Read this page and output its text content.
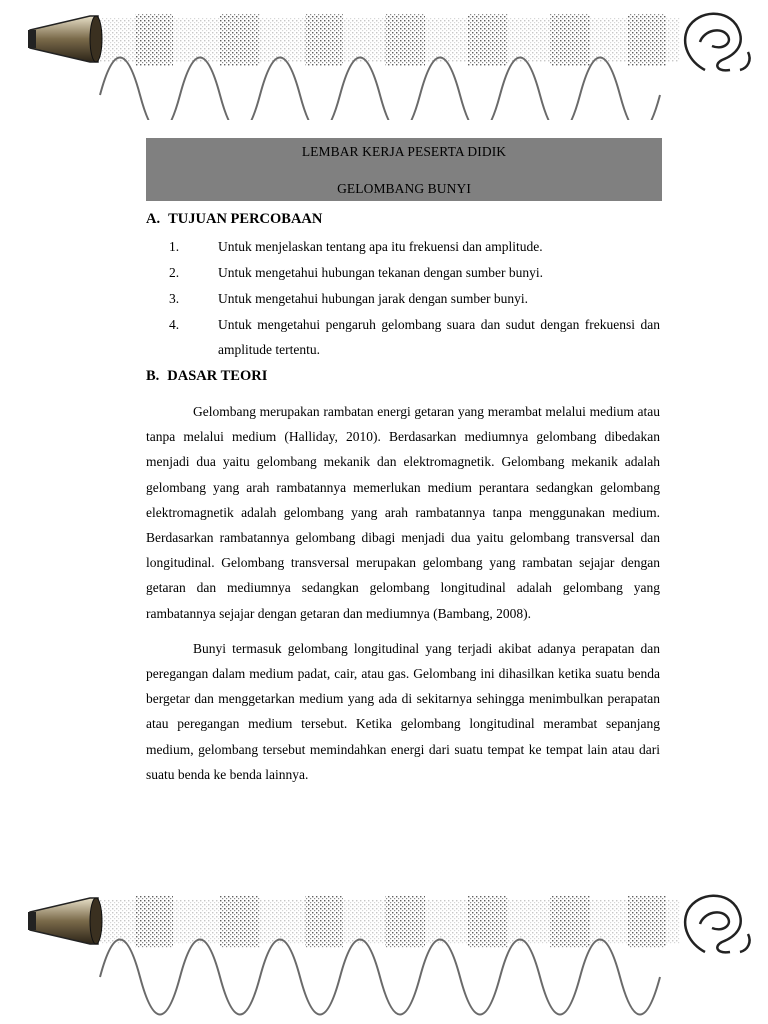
LEMBAR KERJA PESERTA DIDIK
GELOMBANG BUNYI
A. TUJUAN PERCOBAAN
1.	Untuk menjelaskan tentang apa itu frekuensi dan amplitude.
2.	Untuk mengetahui hubungan tekanan dengan sumber bunyi.
3.	Untuk mengetahui hubungan jarak dengan sumber bunyi.
4.	Untuk mengetahui pengaruh gelombang suara dan sudut dengan frekuensi dan amplitude tertentu.
B. DASAR TEORI

Gelombang merupakan rambatan energi getaran yang merambat melalui medium atau tanpa melalui medium (Halliday, 2010). Berdasarkan mediumnya gelombang dibedakan menjadi dua yaitu gelombang mekanik dan elektromagnetik. Gelombang mekanik adalah gelombang yang arah rambatannya memerlukan medium perantara sedangkan gelombang elektromagnetik adalah gelombang yang arah rambatannya tanpa menggunakan medium. Berdasarkan rambatannya gelombang dibagi menjadi dua yaitu gelombang transversal dan longitudinal. Gelombang transversal merupakan gelombang yang rambatan sejajar dengan getaran dan mediumnya sedangkan gelombang longitudinal adalah gelombang yang rambatannya sejajar dengan getaran dan mediumnya (Bambang, 2008).

Bunyi termasuk gelombang longitudinal yang terjadi akibat adanya perapatan dan peregangan dalam medium padat, cair, atau gas. Gelombang ini dihasilkan ketika suatu benda bergetar dan menggetarkan medium yang ada di sekitarnya sehingga menimbulkan perapatan atau peregangan medium tersebut. Ketika gelombang longitudinal merambat sepanjang medium, gelombang tersebut memindahkan energi dari suatu tempat ke tempat lain atau dari suatu benda ke benda lainnya.
